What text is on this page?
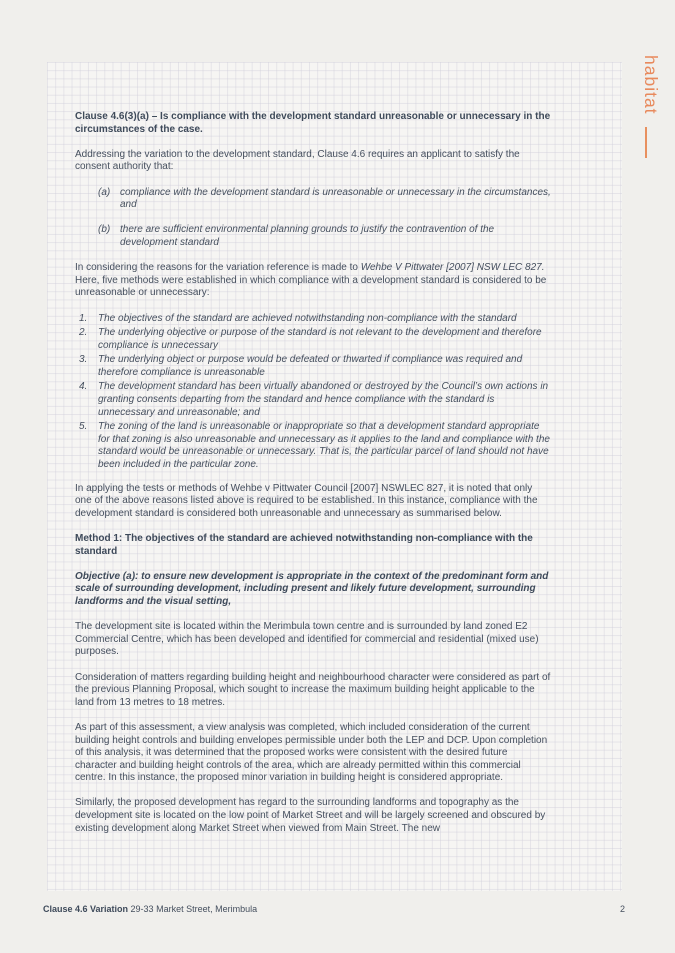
Clause 4.6(3)(a) – Is compliance with the development standard unreasonable or unnecessary in the circumstances of the case.

Addressing the variation to the development standard, Clause 4.6 requires an applicant to satisfy the consent authority that:

(a) compliance with the development standard is unreasonable or unnecessary in the circumstances, and
(b) there are sufficient environmental planning grounds to justify the contravention of the development standard

In considering the reasons for the variation reference is made to Wehbe V Pittwater [2007] NSW LEC 827. Here, five methods were established in which compliance with a development standard is considered to be unreasonable or unnecessary:

1.	The objectives of the standard are achieved notwithstanding non-compliance with the standard
2.	The underlying objective or purpose of the standard is not relevant to the development and therefore compliance is unnecessary
3.	The underlying object or purpose would be defeated or thwarted if compliance was required and therefore compliance is unreasonable
4.	The development standard has been virtually abandoned or destroyed by the Council’s own actions in granting consents departing from the standard and hence compliance with the standard is unnecessary and unreasonable; and
5.	The zoning of the land is unreasonable or inappropriate so that a development standard appropriate for that zoning is also unreasonable and unnecessary as it applies to the land and compliance with the standard would be unreasonable or unnecessary. That is, the particular parcel of land should not have been included in the particular zone.

In applying the tests or methods of Wehbe v Pittwater Council [2007] NSWLEC 827, it is noted that only one of the above reasons listed above is required to be established. In this instance, compliance with the development standard is considered both unreasonable and unnecessary as summarised below.

Method 1: The objectives of the standard are achieved notwithstanding non-compliance with the standard

Objective (a): to ensure new development is appropriate in the context of the predominant form and scale of surrounding development, including present and likely future development, surrounding landforms and the visual setting,

The development site is located within the Merimbula town centre and is surrounded by land zoned E2 Commercial Centre, which has been developed and identified for commercial and residential (mixed use) purposes.

Consideration of matters regarding building height and neighbourhood character were considered as part of the previous Planning Proposal, which sought to increase the maximum building height applicable to the land from 13 metres to 18 metres.

As part of this assessment, a view analysis was completed, which included consideration of the current building height controls and building envelopes permissible under both the LEP and DCP. Upon completion of this analysis, it was determined that the proposed works were consistent with the desired future character and building height controls of the area, which are already permitted within this commercial centre. In this instance, the proposed minor variation in building height is considered appropriate.

Similarly, the proposed development has regard to the surrounding landforms and topography as the development site is located on the low point of Market Street and will be largely screened and obscured by existing development along Market Street when viewed from Main Street. The new

habitat
Clause 4.6 Variation 29-33 Market Street, Merimbula	2
